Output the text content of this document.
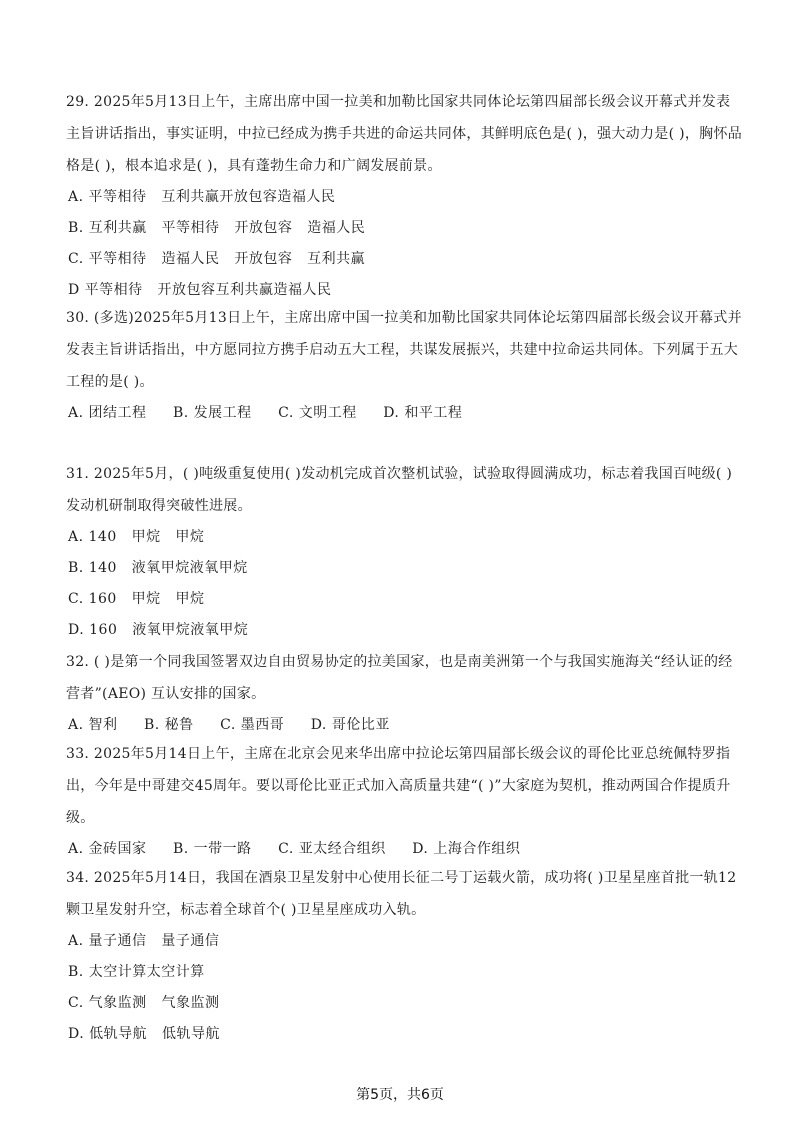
29. 2025年5月13日上午，主席出席中国一拉美和加勒比国家共同体论坛第四届部长级会议开幕式并发表主旨讲话指出，事实证明，中拉已经成为携手共进的命运共同体，其鲜明底色是( )，强大动力是( )，胸怀品格是( )，根本追求是( )，具有蓬勃生命力和广阔发展前景。

A. 平等相待   互利共赢开放包容造福人民
B. 互利共赢   平等相待   开放包容   造福人民
C. 平等相待   造福人民   开放包容   互利共赢
D 平等相待   开放包容互利共赢造福人民

30. (多选)2025年5月13日上午，主席出席中国一拉美和加勒比国家共同体论坛第四届部长级会议开幕式并发表主旨讲话指出，中方愿同拉方携手启动五大工程，共谋发展振兴，共建中拉命运共同体。下列属于五大工程的是( )。

A. 团结工程 B. 发展工程 C. 文明工程 D. 和平工程

31. 2025年5月，( )吨级重复使用( )发动机完成首次整机试验，试验取得圆满成功，标志着我国百吨级( )发动机研制取得突破性进展。

A. 140   甲烷   甲烷
B. 140   液氧甲烷液氧甲烷
C. 160   甲烷   甲烷
D. 160   液氧甲烷液氧甲烷

32. ( )是第一个同我国签署双边自由贸易协定的拉美国家，也是南美洲第一个与我国实施海关“经认证的经营者”(AEO) 互认安排的国家。

A. 智利 B. 秘鲁 C. 墨西哥 D. 哥伦比亚

33. 2025年5月14日上午，主席在北京会见来华出席中拉论坛第四届部长级会议的哥伦比亚总统佩特罗指出，今年是中哥建交45周年。要以哥伦比亚正式加入高质量共建“( )”大家庭为契机，推动两国合作提质升级。

A. 金砖国家 B. 一带一路 C. 亚太经合组织 D. 上海合作组织

34. 2025年5月14日，我国在酒泉卫星发射中心使用长征二号丁运载火箭，成功将( )卫星星座首批一轨12颗卫星发射升空，标志着全球首个( )卫星星座成功入轨。

A. 量子通信   量子通信
B. 太空计算太空计算
C. 气象监测   气象监测
D. 低轨导航   低轨导航
第5页，共6页
